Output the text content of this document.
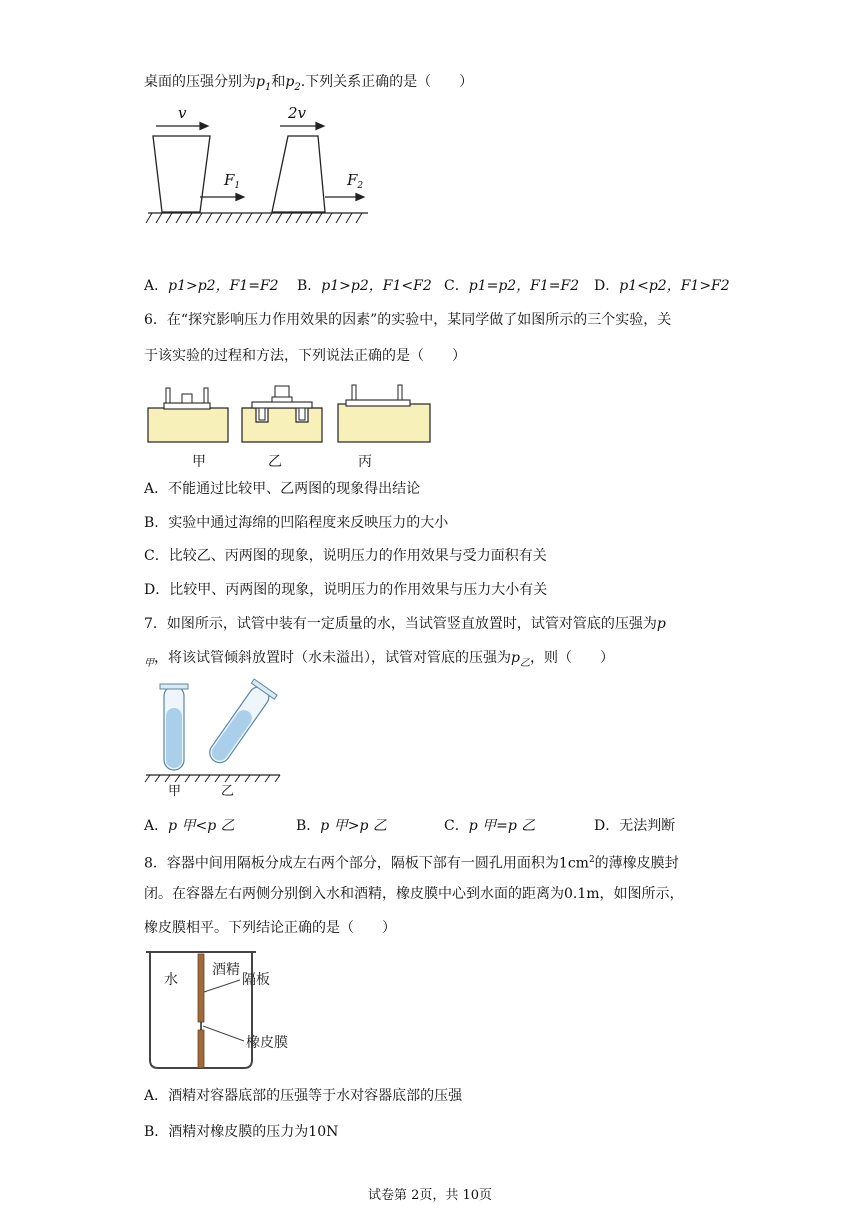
桌面的压强分别为$p_1$和$p_2$.下列关系正确的是（　　）
v	2v
$F_1$	$F_2$
A．p1>p2，F1=F2 B．p1>p2，F1<F2 C．p1=p2，F1=F2 D．p1<p2，F1>F2
6．在“探究影响压力作用效果的因素”的实验中，某同学做了如图所示的三个实验，关
于该实验的过程和方法，下列说法正确的是（　　）
甲	乙	丙
A．不能通过比较甲、乙两图的现象得出结论
B．实验中通过海绵的凹陷程度来反映压力的大小
C．比较乙、丙两图的现象，说明压力的作用效果与受力面积有关
D．比较甲、丙两图的现象，说明压力的作用效果与压力大小有关
7．如图所示，试管中装有一定质量的水，当试管竖直放置时，试管对管底的压强为p
$_甲$，将该试管倾斜放置时（水未溢出），试管对管底的压强为$p_乙$，则（　　）
甲	乙
A．p 甲<p 乙	B．p 甲>p 乙	C．p 甲=p 乙	D．无法判断
8．容器中间用隔板分成左右两个部分，隔板下部有一圆孔用面积为$1cm^2$的薄橡皮膜封
闭。在容器左右两侧分别倒入水和酒精，橡皮膜中心到水面的距离为0.1m，如图所示，
橡皮膜相平。下列结论正确的是（　　）
水
酒精
隔板
橡皮膜
A．酒精对容器底部的压强等于水对容器底部的压强
B．酒精对橡皮膜的压力为10N
试卷第 2页，共 10页
